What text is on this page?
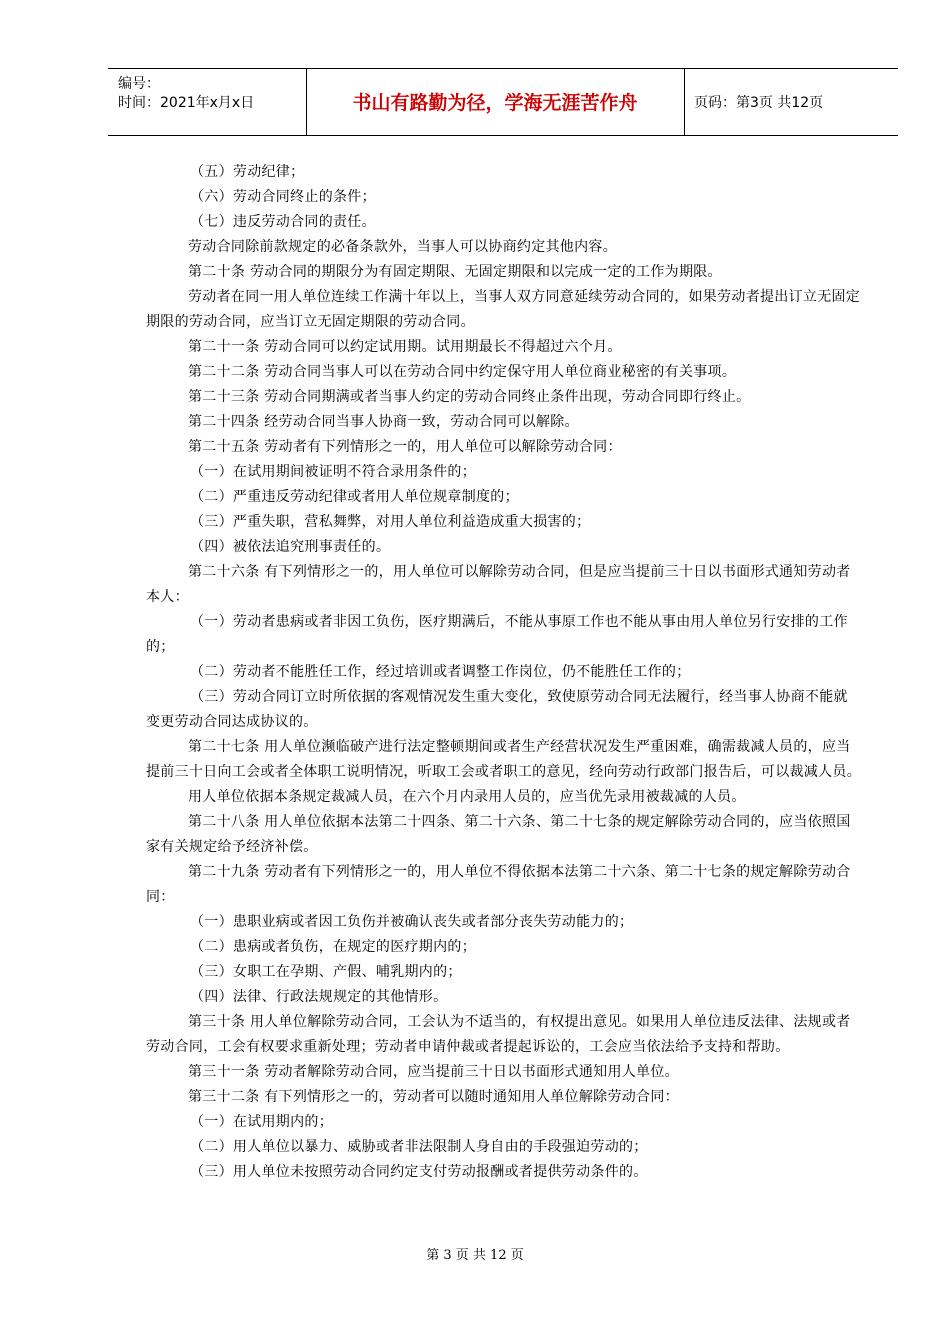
编号：
时间：2021年x月x日	书山有路勤为径，学海无涯苦作舟	页码：第3页 共12页

（五）劳动纪律；

（六）劳动合同终止的条件；

（七）违反劳动合同的责任。

劳动合同除前款规定的必备条款外，当事人可以协商约定其他内容。

第二十条 劳动合同的期限分为有固定期限、无固定期限和以完成一定的工作为期限。

劳动者在同一用人单位连续工作满十年以上，当事人双方同意延续劳动合同的，如果劳动者提出订立无固定期限的劳动合同，应当订立无固定期限的劳动合同。

第二十一条 劳动合同可以约定试用期。试用期最长不得超过六个月。

第二十二条 劳动合同当事人可以在劳动合同中约定保守用人单位商业秘密的有关事项。

第二十三条 劳动合同期满或者当事人约定的劳动合同终止条件出现，劳动合同即行终止。

第二十四条 经劳动合同当事人协商一致，劳动合同可以解除。

第二十五条 劳动者有下列情形之一的，用人单位可以解除劳动合同：

（一）在试用期间被证明不符合录用条件的；

（二）严重违反劳动纪律或者用人单位规章制度的；

（三）严重失职，营私舞弊，对用人单位利益造成重大损害的；

（四）被依法追究刑事责任的。

第二十六条 有下列情形之一的，用人单位可以解除劳动合同，但是应当提前三十日以书面形式通知劳动者本人：

（一）劳动者患病或者非因工负伤，医疗期满后，不能从事原工作也不能从事由用人单位另行安排的工作的；

（二）劳动者不能胜任工作，经过培训或者调整工作岗位，仍不能胜任工作的；

（三）劳动合同订立时所依据的客观情况发生重大变化，致使原劳动合同无法履行，经当事人协商不能就变更劳动合同达成协议的。

第二十七条 用人单位濒临破产进行法定整顿期间或者生产经营状况发生严重困难，确需裁减人员的，应当提前三十日向工会或者全体职工说明情况，听取工会或者职工的意见，经向劳动行政部门报告后，可以裁减人员。

用人单位依据本条规定裁减人员，在六个月内录用人员的，应当优先录用被裁减的人员。

第二十八条 用人单位依据本法第二十四条、第二十六条、第二十七条的规定解除劳动合同的，应当依照国家有关规定给予经济补偿。

第二十九条 劳动者有下列情形之一的，用人单位不得依据本法第二十六条、第二十七条的规定解除劳动合同：

（一）患职业病或者因工负伤并被确认丧失或者部分丧失劳动能力的；

（二）患病或者负伤，在规定的医疗期内的；

（三）女职工在孕期、产假、哺乳期内的；

（四）法律、行政法规规定的其他情形。

第三十条 用人单位解除劳动合同，工会认为不适当的，有权提出意见。如果用人单位违反法律、法规或者劳动合同，工会有权要求重新处理；劳动者申请仲裁或者提起诉讼的，工会应当依法给予支持和帮助。

第三十一条 劳动者解除劳动合同，应当提前三十日以书面形式通知用人单位。

第三十二条 有下列情形之一的，劳动者可以随时通知用人单位解除劳动合同：

（一）在试用期内的；

（二）用人单位以暴力、威胁或者非法限制人身自由的手段强迫劳动的；

（三）用人单位未按照劳动合同约定支付劳动报酬或者提供劳动条件的。

第 3 页 共 12 页
